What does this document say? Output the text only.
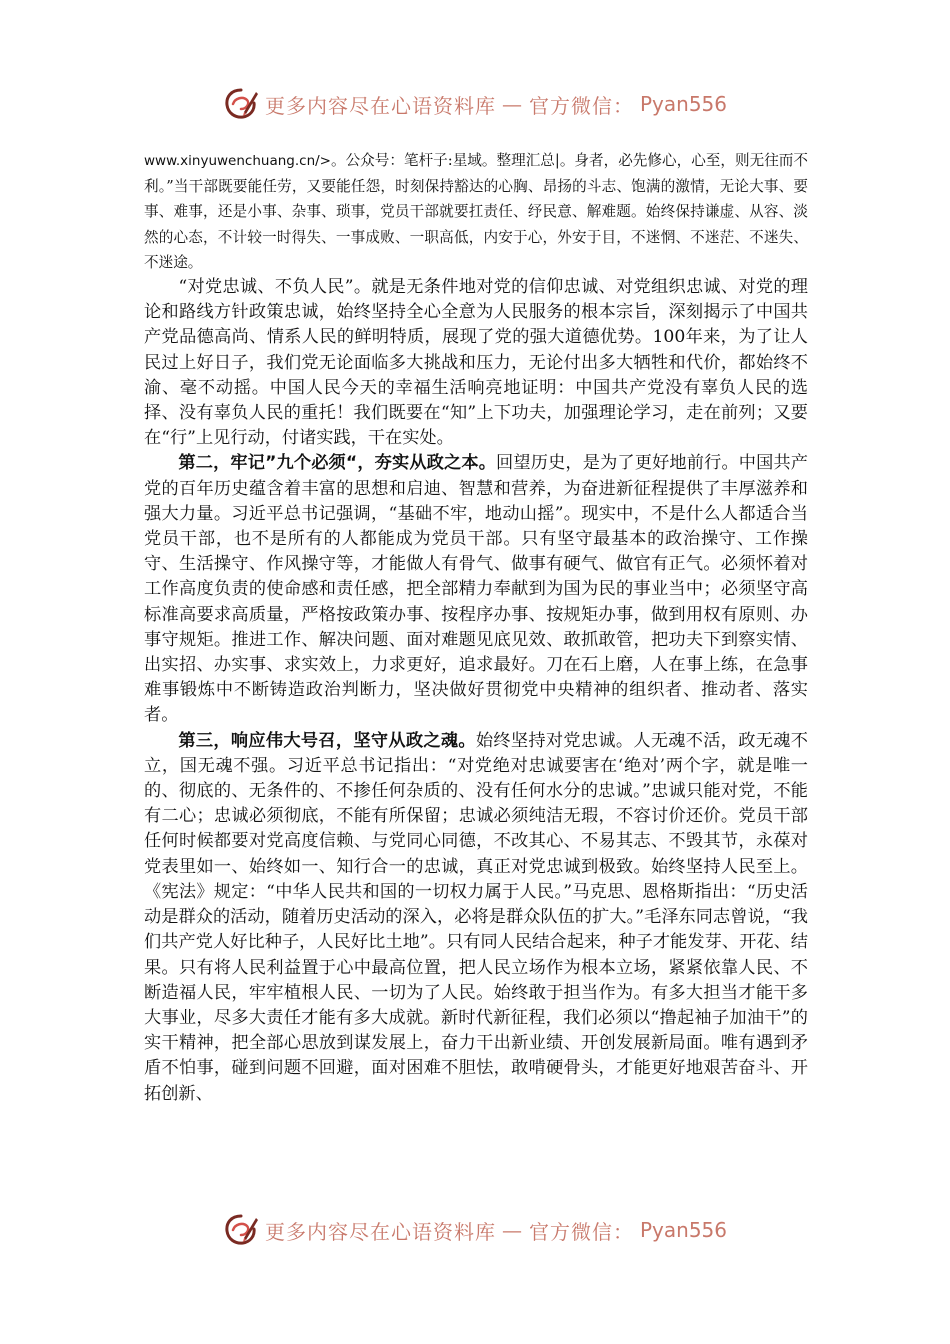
更多内容尽在心语资料库 — 官方微信： Pyan556

www.xinyuwenchuang.cn/>。公众号：笔杆子:星域。整理汇总|。身者，必先修心，心至，则无往而不利。”当干部既要能任劳，又要能任怨，时刻保持豁达的心胸、昂扬的斗志、饱满的激情，无论大事、要事、难事，还是小事、杂事、琐事，党员干部就要扛责任、纾民意、解难题。始终保持谦虚、从容、淡然的心态，不计较一时得失、一事成败、一职高低，内安于心，外安于目，不迷惘、不迷茫、不迷失、不迷途。

“对党忠诚、不负人民”。就是无条件地对党的信仰忠诚、对党组织忠诚、对党的理论和路线方针政策忠诚，始终坚持全心全意为人民服务的根本宗旨，深刻揭示了中国共产党品德高尚、情系人民的鲜明特质，展现了党的强大道德优势。100年来，为了让人民过上好日子，我们党无论面临多大挑战和压力，无论付出多大牺牲和代价，都始终不渝、毫不动摇。中国人民今天的幸福生活响亮地证明：中国共产党没有辜负人民的选择、没有辜负人民的重托！我们既要在“知”上下功夫，加强理论学习，走在前列；又要在“行”上见行动，付诸实践，干在实处。

第二，牢记”九个必须“，夯实从政之本。回望历史，是为了更好地前行。中国共产党的百年历史蕴含着丰富的思想和启迪、智慧和营养，为奋进新征程提供了丰厚滋养和强大力量。习近平总书记强调，“基础不牢，地动山摇”。现实中，不是什么人都适合当党员干部，也不是所有的人都能成为党员干部。只有坚守最基本的政治操守、工作操守、生活操守、作风操守等，才能做人有骨气、做事有硬气、做官有正气。必须怀着对工作高度负责的使命感和责任感，把全部精力奉献到为国为民的事业当中；必须坚守高标准高要求高质量，严格按政策办事、按程序办事、按规矩办事，做到用权有原则、办事守规矩。推进工作、解决问题、面对难题见底见效、敢抓敢管，把功夫下到察实情、出实招、办实事、求实效上，力求更好，追求最好。刀在石上磨，人在事上练，在急事难事锻炼中不断铸造政治判断力，坚决做好贯彻党中央精神的组织者、推动者、落实者。

第三，响应伟大号召，坚守从政之魂。始终坚持对党忠诚。人无魂不活，政无魂不立，国无魂不强。习近平总书记指出：“对党绝对忠诚要害在‘绝对’两个字，就是唯一的、彻底的、无条件的、不掺任何杂质的、没有任何水分的忠诚。”忠诚只能对党，不能有二心；忠诚必须彻底，不能有所保留；忠诚必须纯洁无瑕，不容讨价还价。党员干部任何时候都要对党高度信赖、与党同心同德，不改其心、不易其志、不毁其节，永葆对党表里如一、始终如一、知行合一的忠诚，真正对党忠诚到极致。始终坚持人民至上。《宪法》规定：“中华人民共和国的一切权力属于人民。”马克思、恩格斯指出：“历史活动是群众的活动，随着历史活动的深入，必将是群众队伍的扩大。”毛泽东同志曾说，“我们共产党人好比种子，人民好比土地”。只有同人民结合起来，种子才能发芽、开花、结果。只有将人民利益置于心中最高位置，把人民立场作为根本立场，紧紧依靠人民、不断造福人民，牢牢植根人民、一切为了人民。始终敢于担当作为。有多大担当才能干多大事业，尽多大责任才能有多大成就。新时代新征程，我们必须以“撸起袖子加油干”的实干精神，把全部心思放到谋发展上，奋力干出新业绩、开创发展新局面。唯有遇到矛盾不怕事，碰到问题不回避，面对困难不胆怯，敢啃硬骨头，才能更好地艰苦奋斗、开拓创新、

更多内容尽在心语资料库 — 官方微信： Pyan556
